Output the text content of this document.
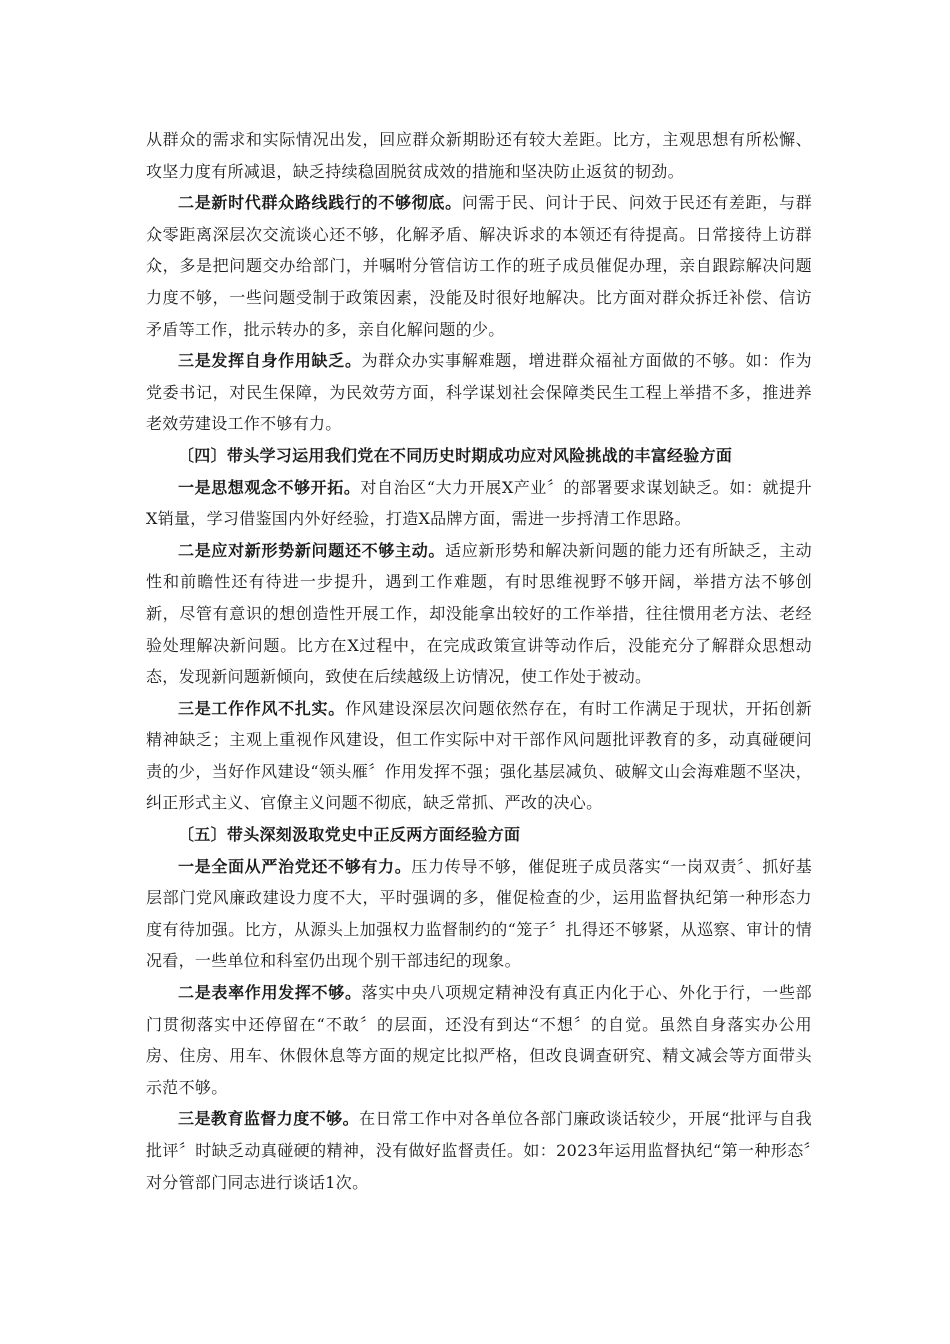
从群众的需求和实际情况出发，回应群众新期盼还有较大差距。比方，主观思想有所松懈、攻坚力度有所减退，缺乏持续稳固脱贫成效的措施和坚决防止返贫的韧劲。

二是新时代群众路线践行的不够彻底。问需于民、问计于民、问效于民还有差距，与群众零距离深层次交流谈心还不够，化解矛盾、解决诉求的本领还有待提高。日常接待上访群众，多是把问题交办给部门，并嘱咐分管信访工作的班子成员催促办理，亲自跟踪解决问题力度不够，一些问题受制于政策因素，没能及时很好地解决。比方面对群众拆迁补偿、信访矛盾等工作，批示转办的多，亲自化解问题的少。

三是发挥自身作用缺乏。为群众办实事解难题，增进群众福祉方面做的不够。如：作为党委书记，对民生保障，为民效劳方面，科学谋划社会保障类民生工程上举措不多，推进养老效劳建设工作不够有力。

〔四〕带头学习运用我们党在不同历史时期成功应对风险挑战的丰富经验方面

一是思想观念不够开拓。对自治区“大力开展X产业〞的部署要求谋划缺乏。如：就提升X销量，学习借鉴国内外好经验，打造X品牌方面，需进一步捋清工作思路。

二是应对新形势新问题还不够主动。适应新形势和解决新问题的能力还有所缺乏，主动性和前瞻性还有待进一步提升，遇到工作难题，有时思维视野不够开阔，举措方法不够创新，尽管有意识的想创造性开展工作，却没能拿出较好的工作举措，往往惯用老方法、老经验处理解决新问题。比方在X过程中，在完成政策宣讲等动作后，没能充分了解群众思想动态，发现新问题新倾向，致使在后续越级上访情况，使工作处于被动。

三是工作作风不扎实。作风建设深层次问题依然存在，有时工作满足于现状，开拓创新精神缺乏；主观上重视作风建设，但工作实际中对干部作风问题批评教育的多，动真碰硬问责的少，当好作风建设“领头雁〞作用发挥不强；强化基层减负、破解文山会海难题不坚决，纠正形式主义、官僚主义问题不彻底，缺乏常抓、严改的决心。

〔五〕带头深刻汲取党史中正反两方面经验方面

一是全面从严治党还不够有力。压力传导不够，催促班子成员落实“一岗双责〞、抓好基层部门党风廉政建设力度不大，平时强调的多，催促检查的少，运用监督执纪第一种形态力度有待加强。比方，从源头上加强权力监督制约的“笼子〞扎得还不够紧，从巡察、审计的情况看，一些单位和科室仍出现个别干部违纪的现象。

二是表率作用发挥不够。落实中央八项规定精神没有真正内化于心、外化于行，一些部门贯彻落实中还停留在“不敢〞的层面，还没有到达“不想〞的自觉。虽然自身落实办公用房、住房、用车、休假休息等方面的规定比拟严格，但改良调查研究、精文减会等方面带头示范不够。

三是教育监督力度不够。在日常工作中对各单位各部门廉政谈话较少，开展“批评与自我批评〞时缺乏动真碰硬的精神，没有做好监督责任。如：2023年运用监督执纪“第一种形态〞对分管部门同志进行谈话1次。
